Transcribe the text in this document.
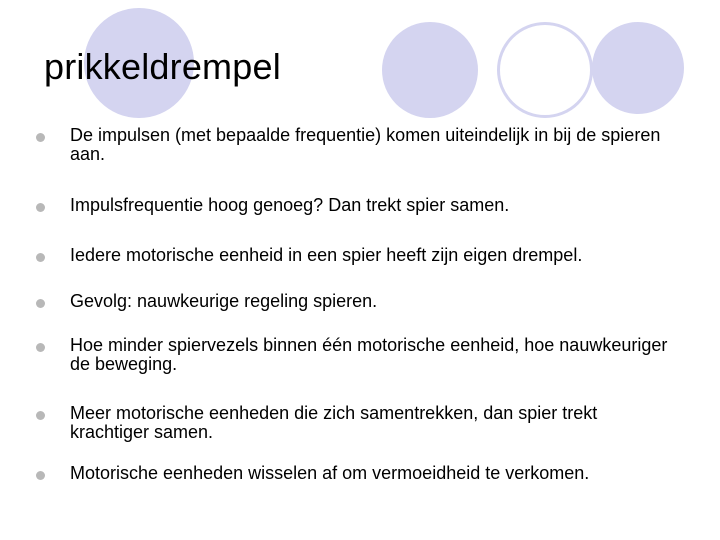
prikkeldrempel
De impulsen (met bepaalde frequentie) komen uiteindelijk in bij de spieren aan.
Impulsfrequentie hoog genoeg? Dan trekt spier samen.
Iedere motorische eenheid in een spier heeft zijn eigen drempel.
Gevolg: nauwkeurige regeling spieren.
Hoe minder spiervezels binnen één motorische eenheid, hoe nauwkeuriger de beweging.
Meer motorische eenheden die zich samentrekken, dan spier trekt krachtiger samen.
Motorische eenheden wisselen af om vermoeidheid te verkomen.
